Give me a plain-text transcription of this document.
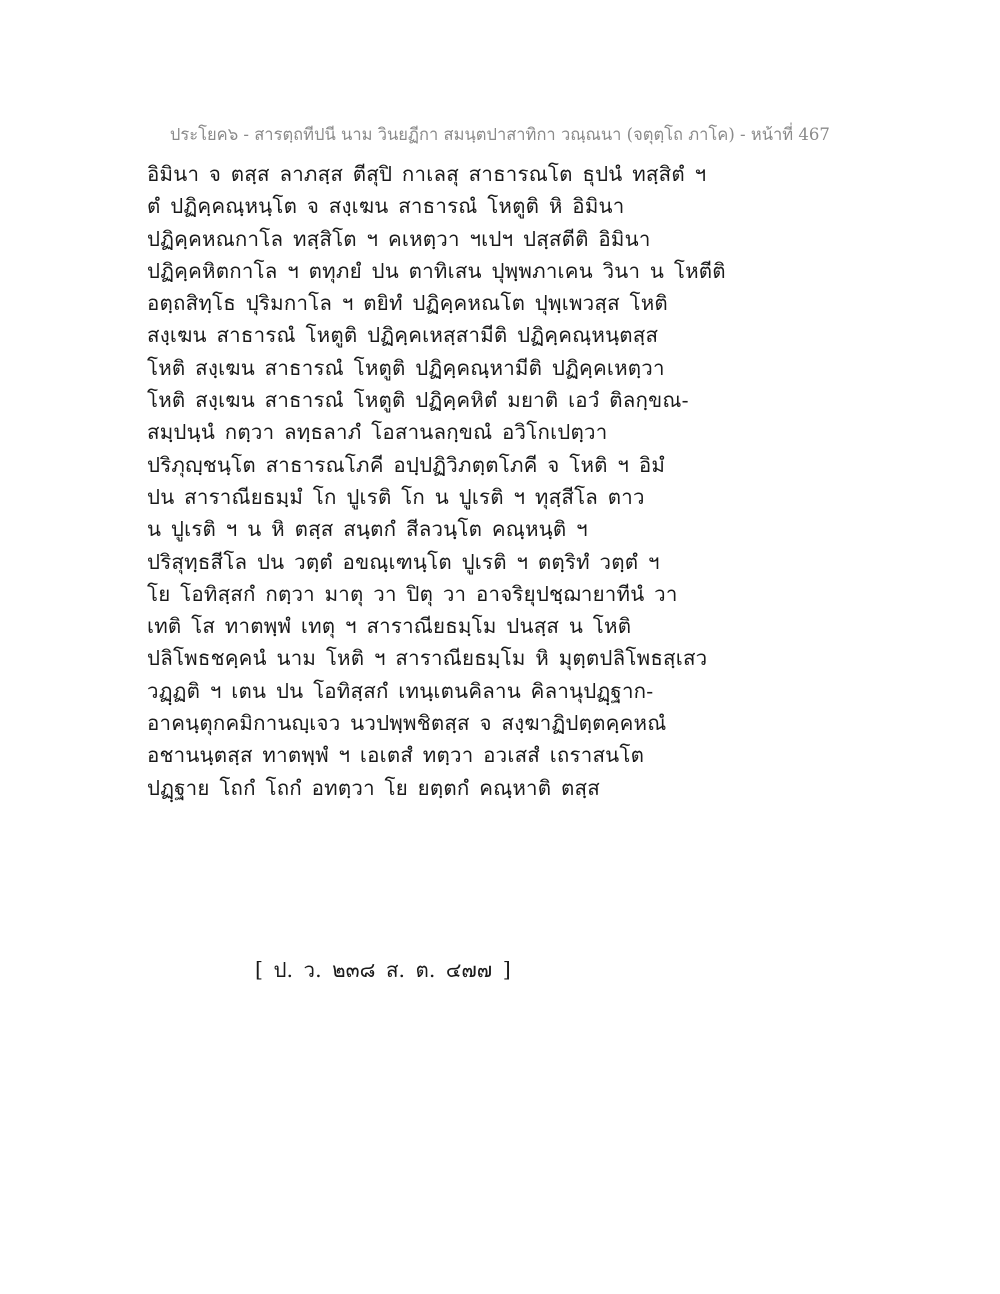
ประโยค๖ - สารตฺถทีปนี นาม วินยฏีกา สมนฺตปาสาทิกา วณฺณนา (จตุตฺโถ ภาโค) - หน้าที่ 467
อิมินา จ ตสฺส ลาภสฺส ตีสุปิ กาเลสุ สาธารณโต ธุปนํ ทสฺสิตํ ฯ
ตํ ปฏิคฺคณฺหนฺโต จ สงฺเฆน สาธารณํ โหตูติ หิ อิมินา
ปฏิคฺคหณกาโล ทสฺสิโต ฯ คเหตฺวา ฯเปฯ ปสฺสตีติ อิมินา
ปฏิคฺคหิตกาโล ฯ ตทุภยํ ปน ตาทิเสน ปุพฺพภาเคน วินา น โหตีติ
อตฺถสิทฺโธ ปุริมกาโล ฯ ตยิทํ ปฏิคฺคหณโต ปุพฺเพวสฺส โหติ
สงฺเฆน สาธารณํ โหตูติ ปฏิคฺคเหสฺสามีติ ปฏิคฺคณฺหนฺตสฺส
โหติ สงฺเฆน สาธารณํ โหตูติ ปฏิคฺคณฺหามีติ ปฏิคฺคเหตฺวา
โหติ สงฺเฆน สาธารณํ โหตูติ ปฏิคฺคหิตํ มยาติ เอวํ ติลกฺขณ-
สมฺปนฺนํ กตฺวา ลทฺธลาภํ โอสานลกฺขณํ อวิโกเปตฺวา
ปริภุญฺชนฺโต สาธารณโภคี อปฺปฏิวิภตฺตโภคี จ โหติ ฯ อิมํ
ปน สาราณียธมฺมํ โก ปูเรติ โก น ปูเรติ ฯ ทุสฺสีโล ตาว
น ปูเรติ ฯ น หิ ตสฺส สนฺตกํ สีลวนฺโต คณฺหนฺติ ฯ
ปริสุทฺธสีโล ปน วตฺตํ อขณฺเฑนฺโต ปูเรติ ฯ ตตฺริทํ วตฺตํ ฯ
โย โอทิสฺสกํ กตฺวา มาตุ วา ปิตุ วา อาจริยุปชฺฌายาทีนํ วา
เทติ โส ทาตพฺพํ เทตุ ฯ สาราณียธมฺโม ปนสฺส น โหติ
ปลิโพธชคฺคนํ นาม โหติ ฯ สาราณียธมฺโม หิ มุตฺตปลิโพธสฺเสว
วฏฺฏติ ฯ เตน ปน โอทิสฺสกํ เทนฺเตนคิลาน คิลานุปฏฺฐาก-
อาคนฺตุกคมิกานญฺเจว นวปพฺพชิตสฺส จ สงฺฆาฏิปตฺตคฺคหณํ
อชานนฺตสฺส ทาตพฺพํ ฯ เอเตสํ ทตฺวา อวเสสํ เถราสนโต
ปฏฺฐาย โถกํ โถกํ อทตฺวา โย ยตฺตกํ คณฺหาติ ตสฺส
[ ป. ว. ๒๓๘ ส. ต. ๔๗๗ ]
